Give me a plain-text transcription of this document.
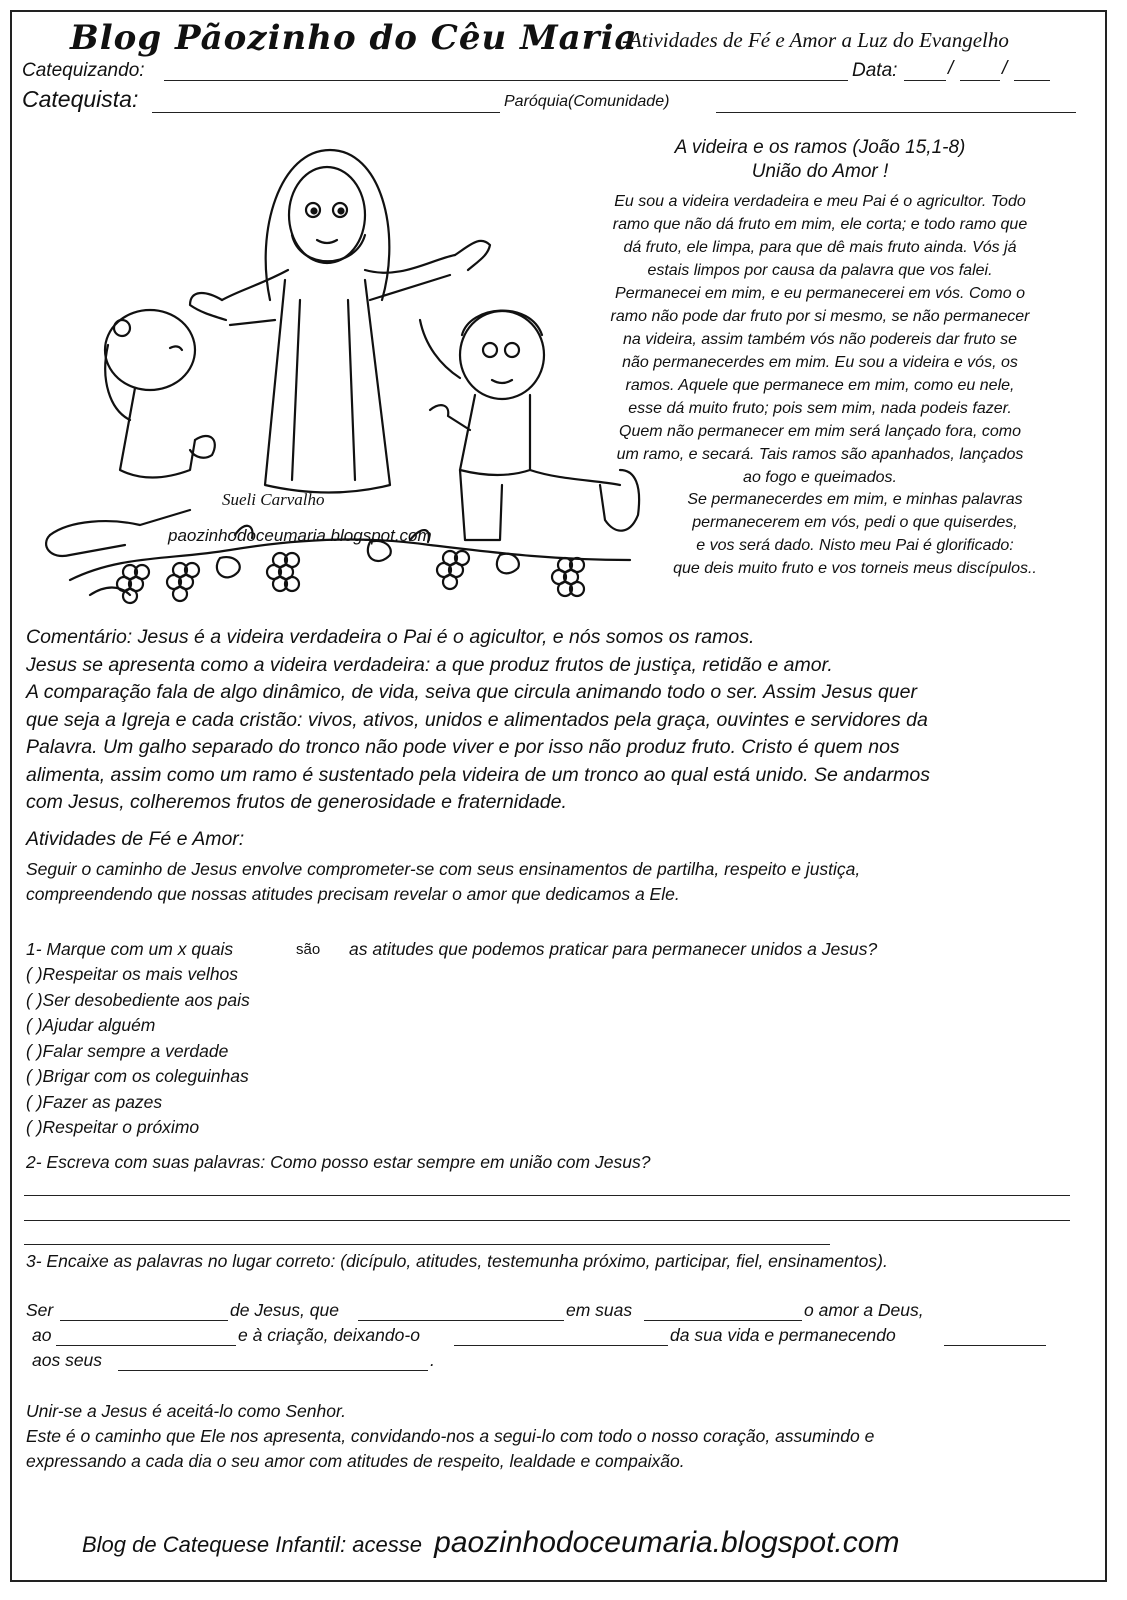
Blog Pãozinho do Cêu Maria
-Atividades de Fé e Amor a Luz do Evangelho
Catequizando:	Data:	/	/
Catequista:	Paróquia(Comunidade)
Sueli Carvalho
paozinhodoceumaria.blogspot.com
A videira e os ramos (João 15,1-8)
União do Amor !
Eu sou a videira verdadeira e meu Pai é o agricultor. Todo
ramo que não dá fruto em mim, ele corta; e todo ramo que
dá fruto, ele limpa, para que dê mais fruto ainda. Vós já
estais limpos por causa da palavra que vos falei.
Permanecei em mim, e eu permanecerei em vós. Como o
ramo não pode dar fruto por si mesmo, se não permanecer
na videira, assim também vós não podereis dar fruto se
não permanecerdes em mim. Eu sou a videira e vós, os
ramos. Aquele que permanece em mim, como eu nele,
esse dá muito fruto; pois sem mim, nada podeis fazer.
Quem não permanecer em mim será lançado fora, como
um ramo, e secará. Tais ramos são apanhados, lançados
ao fogo e queimados.
Se permanecerdes em mim, e minhas palavras
permanecerem em vós, pedi o que quiserdes,
e vos será dado. Nisto meu Pai é glorificado:
que deis muito fruto e vos torneis meus discípulos..
Comentário: Jesus é a videira verdadeira o Pai é o agicultor, e nós somos os ramos.
Jesus se apresenta como a videira verdadeira: a que produz frutos de justiça, retidão e amor.
A comparação fala de algo dinâmico, de vida, seiva que circula animando todo o ser. Assim Jesus quer
que seja a Igreja e cada cristão: vivos, ativos, unidos e alimentados pela graça, ouvintes e servidores da
Palavra. Um galho separado do tronco não pode viver e por isso não produz fruto. Cristo é quem nos
alimenta, assim como um ramo é sustentado pela videira de um tronco ao qual está unido. Se andarmos
com Jesus, colheremos frutos de generosidade e fraternidade.
Atividades de Fé e Amor:
Seguir o caminho de Jesus envolve comprometer-se com seus ensinamentos de partilha, respeito e justiça,
compreendendo que nossas atitudes precisam revelar o amor que dedicamos a Ele.
1- Marque com um x quais	são as atitudes que podemos praticar para permanecer unidos a Jesus?
( )Respeitar os mais velhos
( )Ser desobediente aos pais
( )Ajudar alguém
( )Falar sempre a verdade
( )Brigar com os coleguinhas
( )Fazer as pazes
( )Respeitar o próximo
2- Escreva com suas palavras: Como posso estar sempre em união com Jesus?
3- Encaixe as palavras no lugar correto: (dicípulo, atitudes, testemunha próximo, participar, fiel, ensinamentos).
Ser	de Jesus, que	em suas	o amor a Deus,
ao	e à criação, deixando-o	da sua vida e permanecendo
aos seus	.
Unir-se a Jesus é aceitá-lo como Senhor.
Este é o caminho que Ele nos apresenta, convidando-nos a segui-lo com todo o nosso coração, assumindo e
expressando a cada dia o seu amor com atitudes de respeito, lealdade e compaixão.
Blog de Catequese Infantil: acesse paozinhodoceumaria.blogspot.com
